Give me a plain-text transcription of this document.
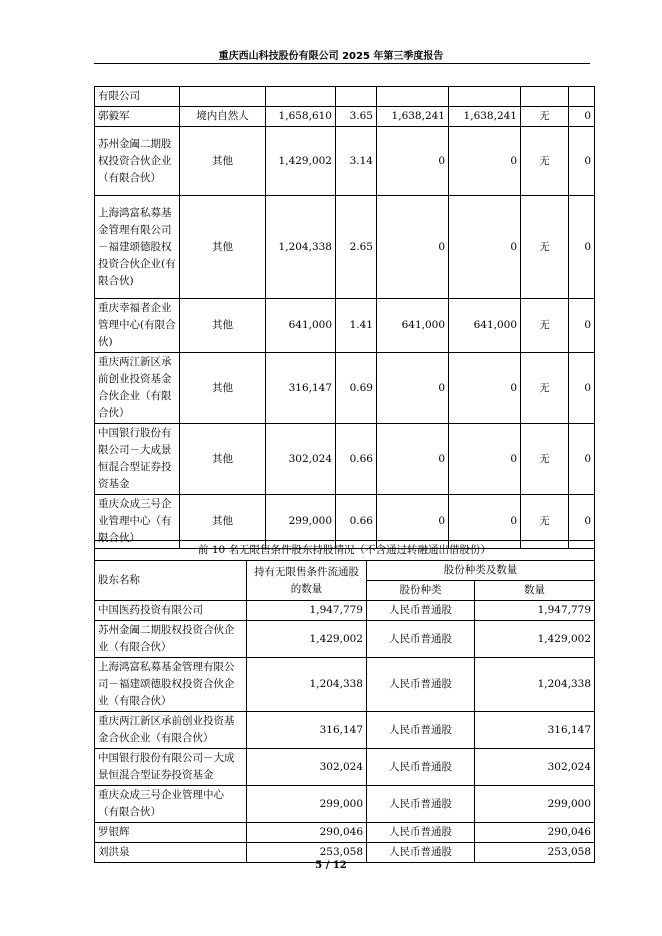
重庆西山科技股份有限公司 2025 年第三季度报告
有限公司							
郭毅军	境内自然人	1,658,610	3.65	1,638,241	1,638,241	无	0
苏州金阖二期股权投资合伙企业（有限合伙）	其他	1,429,002	3.14	0	0	无	0
上海鸿富私募基金管理有限公司－福建颂德股权投资合伙企业(有限合伙)	其他	1,204,338	2.65	0	0	无	0
重庆幸福者企业管理中心(有限合伙)	其他	641,000	1.41	641,000	641,000	无	0
重庆两江新区承前创业投资基金合伙企业（有限合伙）	其他	316,147	0.69	0	0	无	0
中国银行股份有限公司－大成景恒混合型证券投资基金	其他	302,024	0.66	0	0	无	0
重庆众成三号企业管理中心（有限合伙）	其他	299,000	0.66	0	0	无	0
前 10 名无限售条件股东持股情况（不含通过转融通出借股份）			
股东名称	持有无限售条件流通股的数量	股份种类及数量	
		股份种类	数量
中国医药投资有限公司	1,947,779	人民币普通股	1,947,779
苏州金阖二期股权投资合伙企业（有限合伙）	1,429,002	人民币普通股	1,429,002
上海鸿富私募基金管理有限公司－福建颂德股权投资合伙企业（有限合伙）	1,204,338	人民币普通股	1,204,338
重庆两江新区承前创业投资基金合伙企业（有限合伙）	316,147	人民币普通股	316,147
中国银行股份有限公司－大成景恒混合型证券投资基金	302,024	人民币普通股	302,024
重庆众成三号企业管理中心（有限合伙）	299,000	人民币普通股	299,000
罗银辉	290,046	人民币普通股	290,046
刘洪泉	253,058	人民币普通股	253,058
5 / 12
